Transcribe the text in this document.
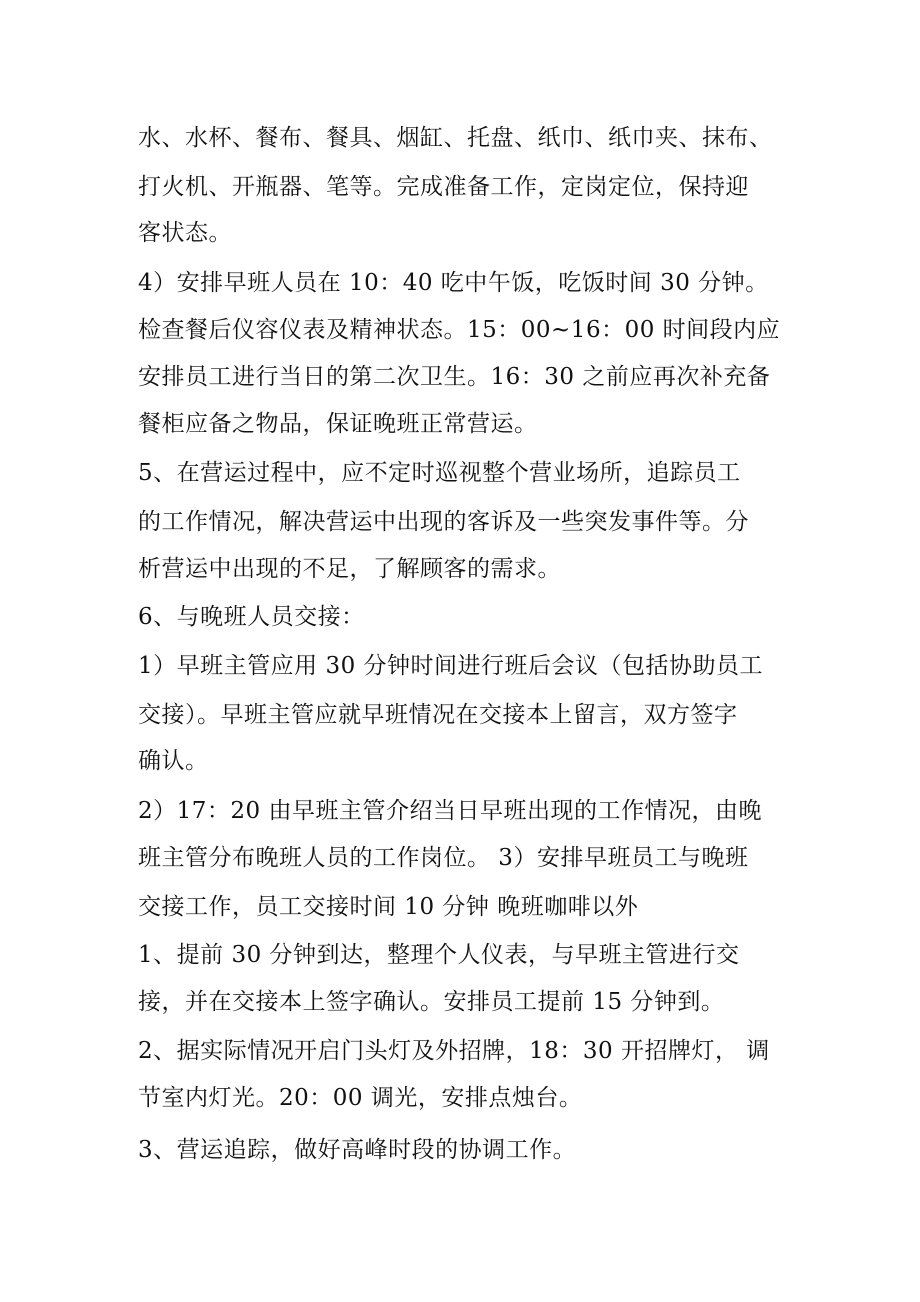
水、水杯、餐布、餐具、烟缸、托盘、纸巾、纸巾夹、抹布、
打火机、开瓶器、笔等。完成准备工作，定岗定位，保持迎
客状态。
4）安排早班人员在 10：40 吃中午饭，吃饭时间 30 分钟。
检查餐后仪容仪表及精神状态。15：00~16：00 时间段内应
安排员工进行当日的第二次卫生。16：30 之前应再次补充备
餐柜应备之物品，保证晚班正常营运。
5、在营运过程中，应不定时巡视整个营业场所，追踪员工
的工作情况，解决营运中出现的客诉及一些突发事件等。分
析营运中出现的不足，了解顾客的需求。
6、与晚班人员交接：
1）早班主管应用 30 分钟时间进行班后会议（包括协助员工
交接）。早班主管应就早班情况在交接本上留言，双方签字
确认。
2）17：20 由早班主管介绍当日早班出现的工作情况，由晚
班主管分布晚班人员的工作岗位。 3）安排早班员工与晚班
交接工作，员工交接时间 10 分钟 晚班咖啡以外
1、提前 30 分钟到达，整理个人仪表，与早班主管进行交
接，并在交接本上签字确认。安排员工提前 15 分钟到。
2、据实际情况开启门头灯及外招牌，18：30 开招牌灯， 调
节室内灯光。20：00 调光，安排点烛台。
3、营运追踪，做好高峰时段的协调工作。
